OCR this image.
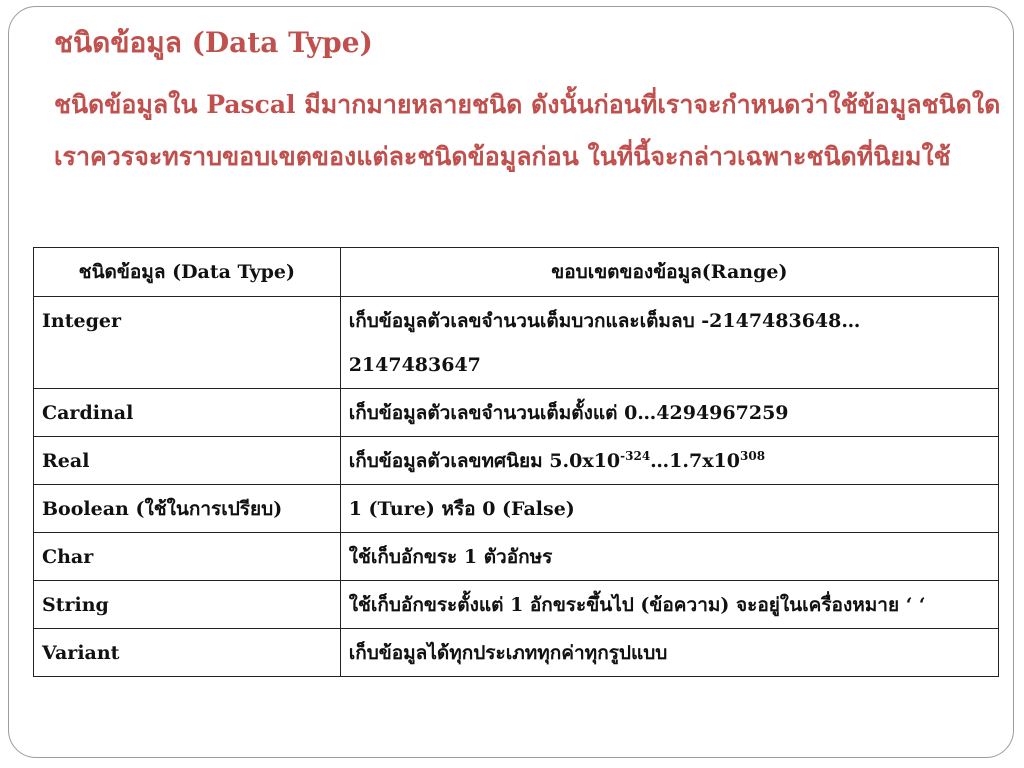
ชนิดข้อมูล (Data Type)

ชนิดข้อมูลใน Pascal มีมากมายหลายชนิด ดังนั้นก่อนที่เราจะกำหนดว่าใช้ข้อมูลชนิดใดเราควรจะทราบขอบเขตของแต่ละชนิดข้อมูลก่อน ในที่นี้จะกล่าวเฉพาะชนิดที่นิยมใช้

ชนิดข้อมูล (Data Type)	ขอบเขตของข้อมูล(Range)
Integer	เก็บข้อมูลตัวเลขจำนวนเต็มบวกและเต็มลบ -2147483648…2147483647
Cardinal	เก็บข้อมูลตัวเลขจำนวนเต็มตั้งแต่ 0…4294967259
Real	เก็บข้อมูลตัวเลขทศนิยม $5.0x10^{-324}\dots 1.7x10^{308}$
Boolean (ใช้ในการเปรียบ)	1 (Ture) หรือ 0 (False)
Char	ใช้เก็บอักขระ 1 ตัวอักษร
String	ใช้เก็บอักขระตั้งแต่ 1 อักขระขึ้นไป (ข้อความ) จะอยู่ในเครื่องหมาย ‘ ‘
Variant	เก็บข้อมูลได้ทุกประเภททุกค่าทุกรูปแบบ
